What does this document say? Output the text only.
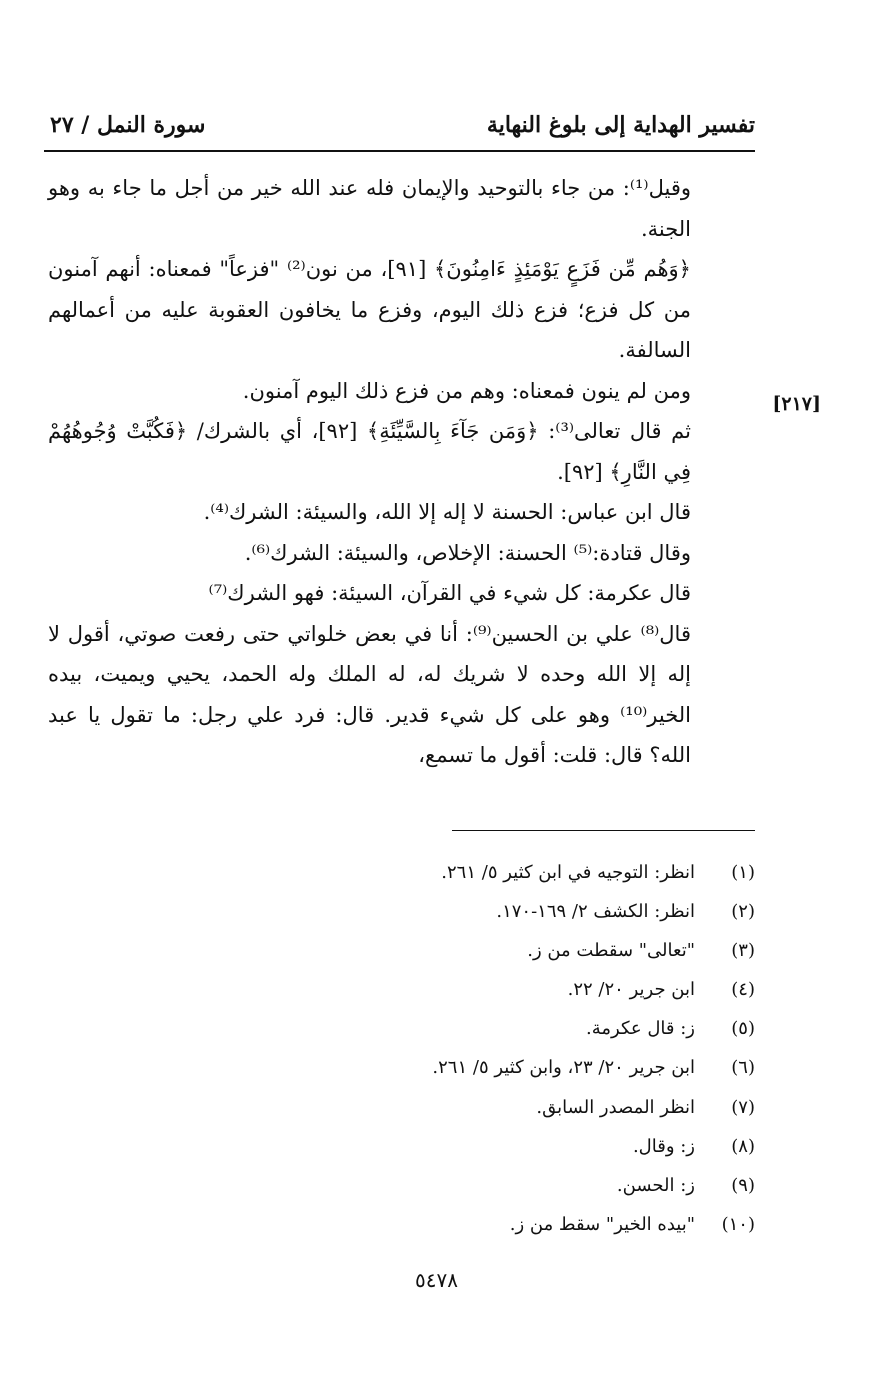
تفسير الهداية إلى بلوغ النهاية
سورة النمل / ٢٧
[٢١٧]

وقيل⁽¹⁾: من جاء بالتوحيد والإيمان فله عند الله خير من أجل ما جاء به وهو الجنة.

﴿وَهُم مِّن فَزَعٍ يَوْمَئِذٍ ءَامِنُونَ﴾ [٩١]، من نون⁽²⁾ "فزعاً" فمعناه: أنهم آمنون من كل فزع؛ فزع ذلك اليوم، وفزع ما يخافون العقوبة عليه من أعمالهم السالفة.

ومن لم ينون فمعناه: وهم من فزع ذلك اليوم آمنون.

ثم قال تعالى⁽³⁾: ﴿وَمَن جَآءَ بِالسَّيِّئَةِ﴾ [٩٢]، أي بالشرك/ ﴿فَكُبَّتْ وُجُوهُهُمْ فِي النَّارِ﴾ [٩٢].

قال ابن عباس: الحسنة لا إله إلا الله، والسيئة: الشرك⁽⁴⁾.

وقال قتادة:⁽⁵⁾ الحسنة: الإخلاص، والسيئة: الشرك⁽⁶⁾.

قال عكرمة: كل شيء في القرآن، السيئة: فهو الشرك⁽⁷⁾

قال⁽⁸⁾ علي بن الحسين⁽⁹⁾: أنا في بعض خلواتي حتى رفعت صوتي، أقول لا إله إلا الله وحده لا شريك له، له الملك وله الحمد، يحيي ويميت، بيده الخير⁽¹⁰⁾ وهو على كل شيء قدير. قال: فرد علي رجل: ما تقول يا عبد الله؟ قال: قلت: أقول ما تسمع،

(١)انظر: التوجيه في ابن كثير ٥/ ٢٦١.
(٢)انظر: الكشف ٢/ ١٦٩-١٧٠.
(٣)"تعالى" سقطت من ز.
(٤)ابن جرير ٢٠/ ٢٢.
(٥)ز: قال عكرمة.
(٦)ابن جرير ٢٠/ ٢٣، وابن كثير ٥/ ٢٦١.
(٧)انظر المصدر السابق.
(٨)ز: وقال.
(٩)ز: الحسن.
(١٠)"بيده الخير" سقط من ز.
٥٤٧٨
